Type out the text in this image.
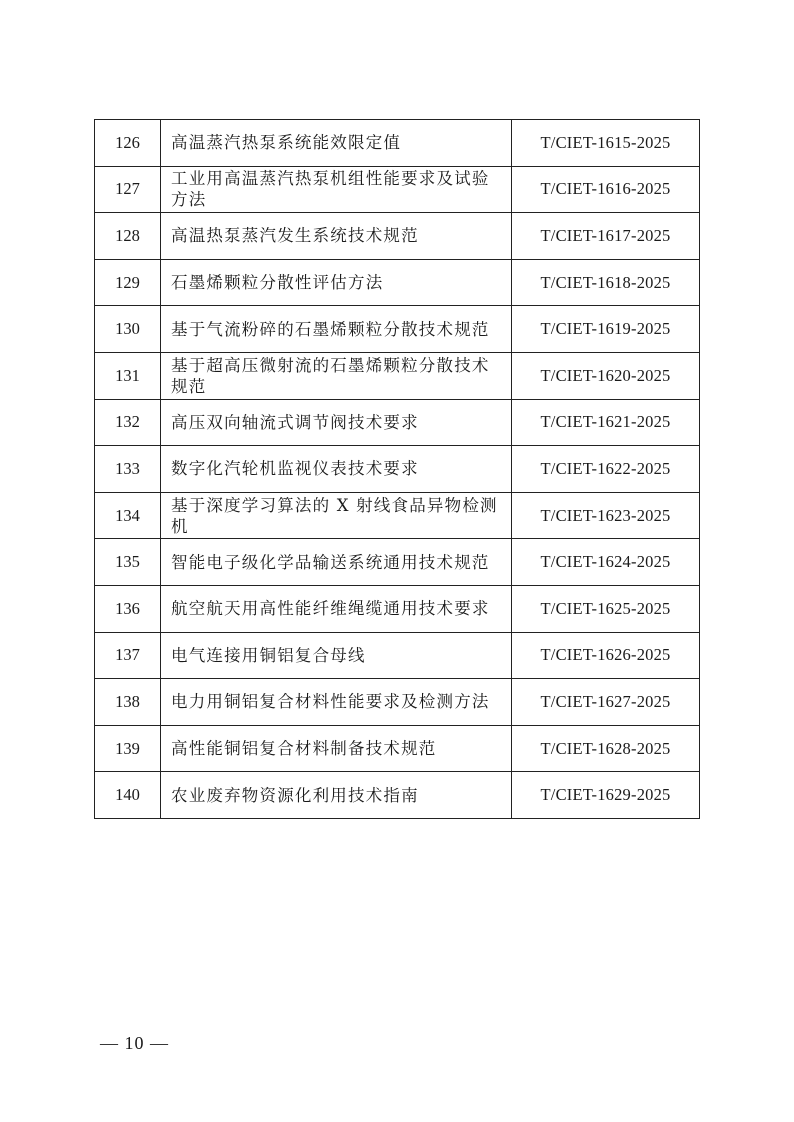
126	高温蒸汽热泵系统能效限定值	T/CIET-1615-2025
127	工业用高温蒸汽热泵机组性能要求及试验方法	T/CIET-1616-2025
128	高温热泵蒸汽发生系统技术规范	T/CIET-1617-2025
129	石墨烯颗粒分散性评估方法	T/CIET-1618-2025
130	基于气流粉碎的石墨烯颗粒分散技术规范	T/CIET-1619-2025
131	基于超高压微射流的石墨烯颗粒分散技术规范	T/CIET-1620-2025
132	高压双向轴流式调节阀技术要求	T/CIET-1621-2025
133	数字化汽轮机监视仪表技术要求	T/CIET-1622-2025
134	基于深度学习算法的 X 射线食品异物检测机	T/CIET-1623-2025
135	智能电子级化学品输送系统通用技术规范	T/CIET-1624-2025
136	航空航天用高性能纤维绳缆通用技术要求	T/CIET-1625-2025
137	电气连接用铜铝复合母线	T/CIET-1626-2025
138	电力用铜铝复合材料性能要求及检测方法	T/CIET-1627-2025
139	高性能铜铝复合材料制备技术规范	T/CIET-1628-2025
140	农业废弃物资源化利用技术指南	T/CIET-1629-2025
— 10 —
